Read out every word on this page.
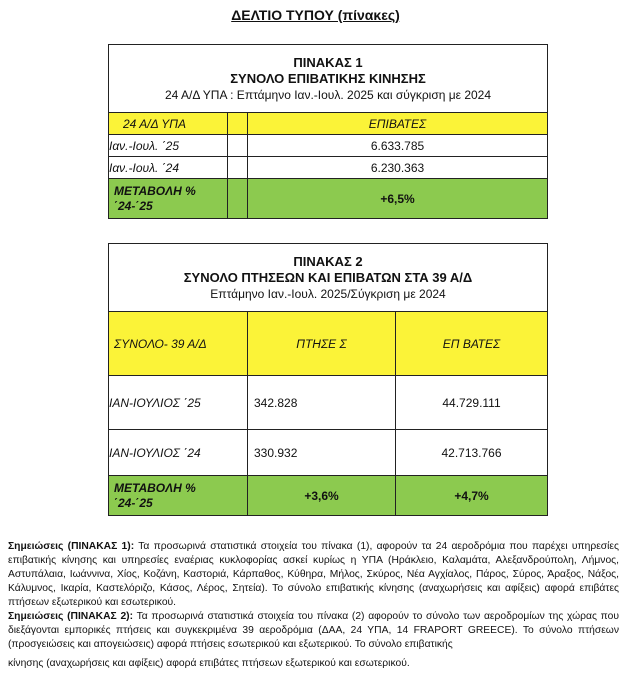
ΔΕΛΤΙΟ ΤΥΠΟΥ (πίνακες)
ΠΙΝΑΚΑΣ 1
ΣΥΝΟΛΟ ΕΠΙΒΑΤΙΚΗΣ ΚΙΝΗΣΗΣ
24 Α/Δ ΥΠΑ : Επτάμηνο Ιαν.-Ιουλ. 2025 και σύγκριση με 2024		

24 Α/Δ ΥΠΑ		ΕΠΙΒΑΤΕΣ
Ιαν.-Ιουλ. ΄25		6.633.785
Ιαν.-Ιουλ. ΄24		6.230.363

ΜΕΤΑΒΟΛΗ %
΄24-΄25		+6,5%
ΠΙΝΑΚΑΣ 2
ΣΥΝΟΛΟ ΠΤΗΣΕΩΝ ΚΑΙ ΕΠΙΒΑΤΩΝ ΣΤΑ 39 Α/Δ
Επτάμηνο Ιαν.-Ιουλ. 2025/Σύγκριση με 2024		

ΣΥΝΟΛΟ- 39 Α/Δ	ΠΤΗΣΕ Σ	ΕΠ ΒΑΤΕΣ
ΙΑΝ-ΙΟΥΛΙΟΣ ΄25	342.828	44.729.111
ΙΑΝ-ΙΟΥΛΙΟΣ ΄24	330.932	42.713.766

ΜΕΤΑΒΟΛΗ %
΄24-΄25	+3,6%	+4,7%
Σημειώσεις (ΠΙΝΑΚΑΣ 1): Τα προσωρινά στατιστικά στοιχεία του πίνακα (1), αφορούν τα 24 αεροδρόμια που παρέχει υπηρεσίες επιβατικής κίνησης και υπηρεσίες εναέριας κυκλοφορίας ασκεί κυρίως η ΥΠΑ (Ηράκλειο, Καλαμάτα, Αλεξανδρούπολη, Λήμνος, Αστυπάλαια, Ιωάννινα, Χίος, Κοζάνη, Καστοριά, Κάρπαθος, Κύθηρα, Μήλος, Σκύρος, Νέα Αγχίαλος, Πάρος, Σύρος, Άραξος, Νάξος, Κάλυμνος, Ικαρία, Καστελόριζο, Κάσος, Λέρος, Σητεία). Το σύνολο επιβατικής κίνησης (αναχωρήσεις και αφίξεις) αφορά επιβάτες πτήσεων εξωτερικού και εσωτερικού.
Σημειώσεις (ΠΙΝΑΚΑΣ 2): Τα προσωρινά στατιστικά στοιχεία του πίνακα (2) αφορούν το σύνολο των αεροδρομίων της χώρας που διεξάγονται εμπορικές πτήσεις και συγκεκριμένα 39 αεροδρόμια (ΔΑΑ, 24 ΥΠΑ, 14 FRAPORT GREECE). Το σύνολο πτήσεων (προσγειώσεις και απογειώσεις) αφορά πτήσεις εσωτερικού και εξωτερικού. Το σύνολο επιβατικής
κίνησης (αναχωρήσεις και αφίξεις) αφορά επιβάτες πτήσεων εξωτερικού και εσωτερικού.
